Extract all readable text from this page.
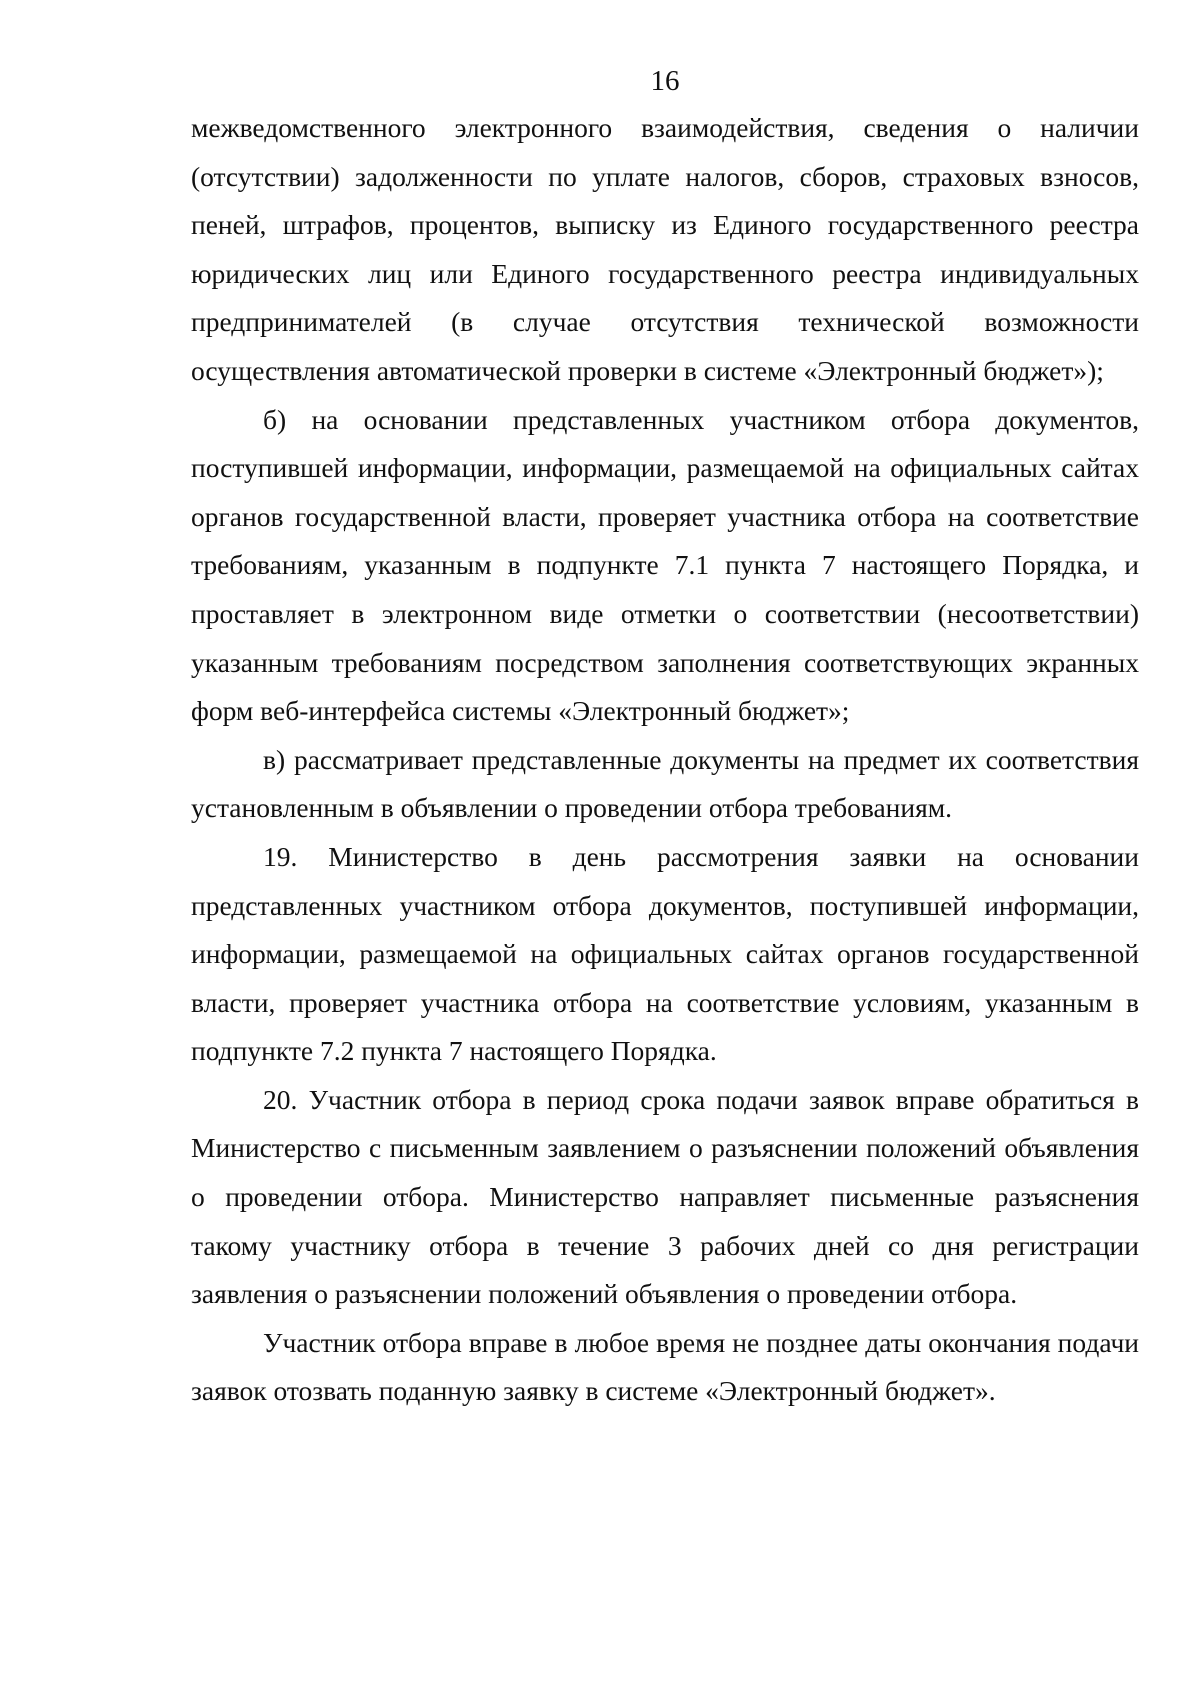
16

межведомственного электронного взаимодействия, сведения о наличии (отсутствии) задолженности по уплате налогов, сборов, страховых взносов, пеней, штрафов, процентов, выписку из Единого государственного реестра юридических лиц или Единого государственного реестра индивидуальных предпринимателей (в случае отсутствия технической возможности осуществления автоматической проверки в системе «Электронный бюджет»);

б) на основании представленных участником отбора документов, поступившей информации, информации, размещаемой на официальных сайтах органов государственной власти, проверяет участника отбора на соответствие требованиям, указанным в подпункте 7.1 пункта 7 настоящего Порядка, и проставляет в электронном виде отметки о соответствии (несоответствии) указанным требованиям посредством заполнения соответствующих экранных форм веб-интерфейса системы «Электронный бюджет»;

в) рассматривает представленные документы на предмет их соответствия установленным в объявлении о проведении отбора требованиям.

19. Министерство в день рассмотрения заявки на основании представленных участником отбора документов, поступившей информации, информации, размещаемой на официальных сайтах органов государственной власти, проверяет участника отбора на соответствие условиям, указанным в подпункте 7.2 пункта 7 настоящего Порядка.

20. Участник отбора в период срока подачи заявок вправе обратиться в Министерство с письменным заявлением о разъяснении положений объявления о проведении отбора. Министерство направляет письменные разъяснения такому участнику отбора в течение 3 рабочих дней со дня регистрации заявления о разъяснении положений объявления о проведении отбора.

Участник отбора вправе в любое время не позднее даты окончания подачи заявок отозвать поданную заявку в системе «Электронный бюджет».
